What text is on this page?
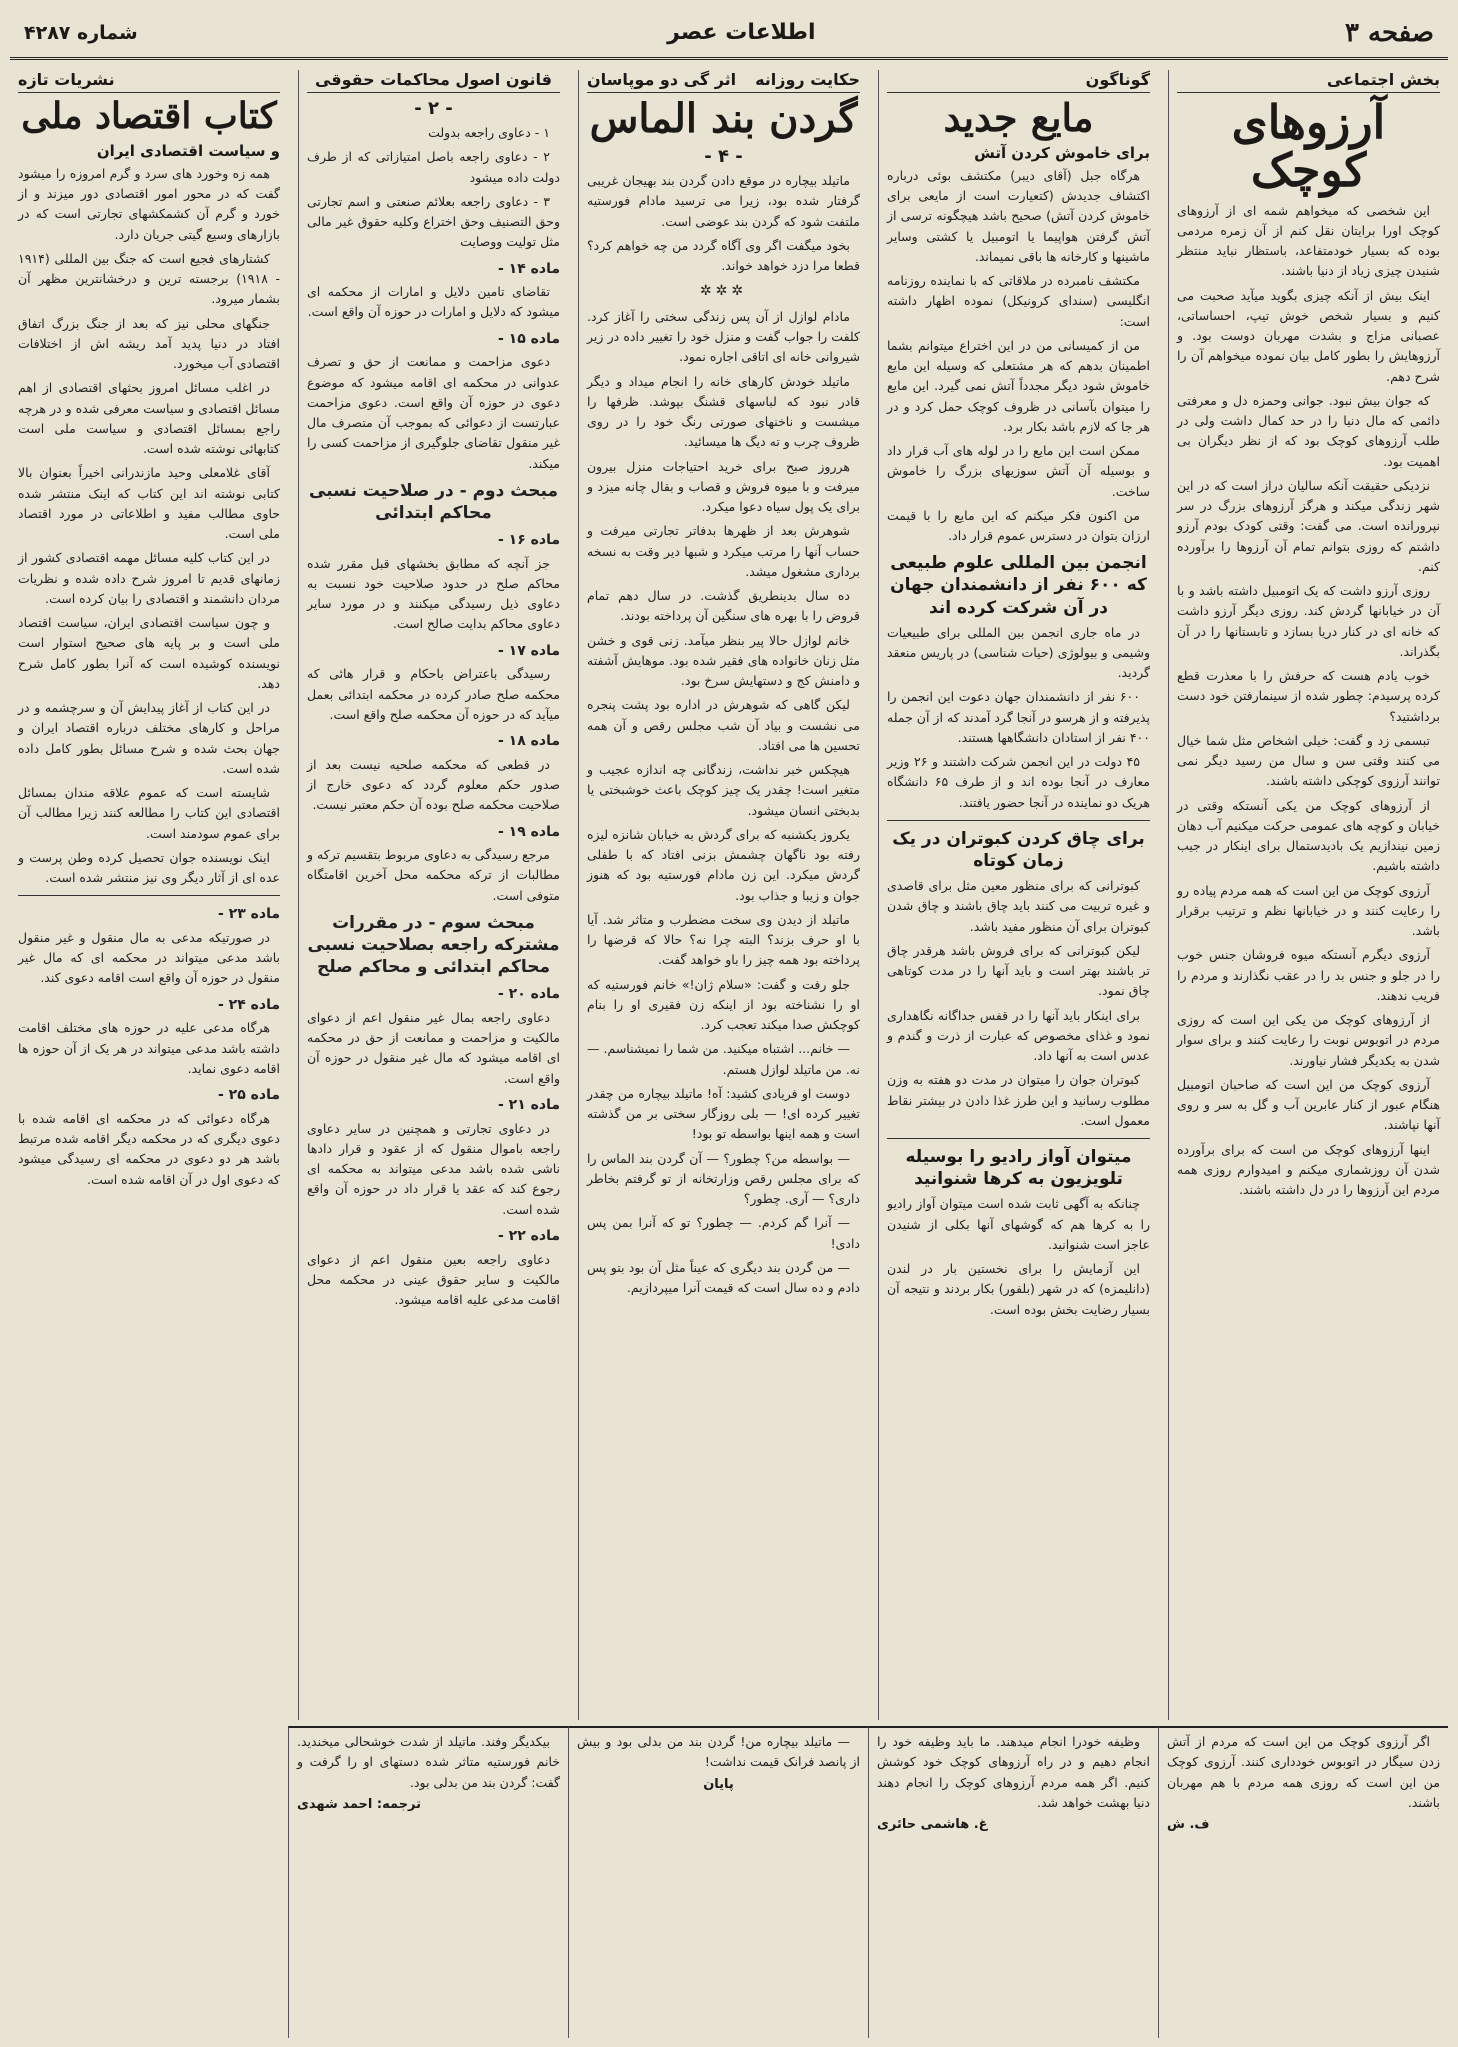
صفحه ۳
اطلاعات عصر
شماره ۴۲۸۷
بخش اجتماعی
آرزوهای کوچک

این شخصی که میخواهم شمه ای از آرزوهای کوچک اورا برایتان نقل کنم از آن زمره مردمی بوده که بسیار خودمتفاعد، باستظار نباید منتظر شنیدن چیزی زیاد از دنیا باشند.

اینک بیش از آنکه چیزی بگوید میآید صحبت می کنیم و بسیار شخص خوش تیپ، احساساتی، عصبانی مزاج و بشدت مهربان دوست بود. و آرزوهایش را بطور کامل بیان نموده میخواهم آن را شرح دهم.

که جوان بیش نبود. جوانی وحمزه دل و معرفتی دائمی که مال دنیا را در حد کمال داشت ولی در طلب آرزوهای کوچک بود که از نظر دیگران بی اهمیت بود.

نزدیکی حقیقت آنکه سالیان دراز است که در این شهر زندگی میکند و هرگز آرزوهای بزرگ در سر نپرورانده است. می گفت: وقتی کودک بودم آرزو داشتم که روزی بتوانم تمام آن آرزوها را برآورده کنم.

روزی آرزو داشت که یک اتومبیل داشته باشد و با آن در خیابانها گردش کند. روزی دیگر آرزو داشت که خانه ای در کنار دریا بسازد و تابستانها را در آن بگذراند.

خوب یادم هست که حرفش را با معذرت قطع کرده پرسیدم: چطور شده از سینمارفتن خود دست برداشتید؟

تبسمی زد و گفت: خیلی اشخاص مثل شما خیال می کنند وقتی سن و سال من رسید دیگر نمی توانند آرزوی کوچکی داشته باشند.

از آرزوهای کوچک من یکی آنستکه وقتی در خیابان و کوچه های عمومی حرکت میکنیم آب دهان زمین نیندازیم یک بادیدستمال برای اینکار در جیب داشته باشیم.

آرزوی کوچک من این است که همه مردم پیاده رو را رعایت کنند و در خیابانها نظم و ترتیب برقرار باشد.

آرزوی دیگرم آنستکه میوه فروشان جنس خوب را در جلو و جنس بد را در عقب نگذارند و مردم را فریب ندهند.

از آرزوهای کوچک من یکی این است که روزی مردم در اتوبوس نوبت را رعایت کنند و برای سوار شدن به یکدیگر فشار نیاورند.

آرزوی کوچک من این است که صاحبان اتومبیل هنگام عبور از کنار عابرین آب و گل به سر و روی آنها نپاشند.

اینها آرزوهای کوچک من است که برای برآورده شدن آن روزشماری میکنم و امیدوارم روزی همه مردم این آرزوها را در دل داشته باشند.

گوناگون
مایع جدید
برای خاموش کردن آتش

هرگاه جبل (آقای دیبر) مکتشف بوئی درباره اکتشاف جدیدش (کتعیارت است از مایعی برای خاموش کردن آتش) صحیح باشد هیچگونه ترسی از آتش گرفتن هواپیما یا اتومبیل یا کشتی وسایر ماشینها و کارخانه ها باقی نمیماند.

مکتشف نامبرده در ملاقاتی که با نماینده روزنامه انگلیسی (سندای کرونیکل) نموده اظهار داشته است:

من از کمیسانی من در این اختراع میتوانم بشما اطمینان بدهم که هر مشتعلی که وسیله این مایع خاموش شود دیگر مجدداً آتش نمی گیرد. این مایع را میتوان بآسانی در ظروف کوچک حمل کرد و در هر جا که لازم باشد بکار برد.

ممکن است این مایع را در لوله های آب قرار داد و بوسیله آن آتش سوزیهای بزرگ را خاموش ساخت.

من اکنون فکر میکنم که این مایع را با قیمت ارزان بتوان در دسترس عموم قرار داد.

انجمن بین المللی علوم طبیعی که ۶۰۰ نفر از دانشمندان جهان در آن شرکت کرده اند

در ماه جاری انجمن بین المللی برای طبیعیات وشیمی و بیولوژی (حیات شناسی) در پاریس منعقد گردید.

۶۰۰ نفر از دانشمندان جهان دعوت این انجمن را پذیرفته و از هرسو در آنجا گرد آمدند که از آن جمله ۴۰۰ نفر از استادان دانشگاهها هستند.

۴۵ دولت در این انجمن شرکت داشتند و ۲۶ وزیر معارف در آنجا بوده اند و از طرف ۶۵ دانشگاه هریک دو نماینده در آنجا حضور یافتند.

برای چاق کردن کبوتران در یک زمان کوتاه

کبوترانی که برای منظور معین مثل برای قاصدی و غیره تربیت می کنند باید چاق باشند و چاق شدن کبوتران برای آن منظور مفید باشد.

لیکن کبوترانی که برای فروش باشد هرقدر چاق تر باشند بهتر است و باید آنها را در مدت کوتاهی چاق نمود.

برای اینکار باید آنها را در قفس جداگانه نگاهداری نمود و غذای مخصوص که عبارت از ذرت و گندم و عدس است به آنها داد.

کبوتران جوان را میتوان در مدت دو هفته به وزن مطلوب رسانید و این طرز غذا دادن در بیشتر نقاط معمول است.

میتوان آواز رادیو را بوسیله تلویزیون به کرها شنوانید

چنانکه به آگهی ثابت شده است میتوان آواز رادیو را به کرها هم که گوشهای آنها بکلی از شنیدن عاجز است شنوانید.

این آزمایش را برای نخستین بار در لندن (دانلیمزه) که در شهر (بلفور) بکار بردند و نتیجه آن بسیار رضایت بخش بوده است.

حکایت روزانه
اثر گی دو موپاسان
گردن بند الماس
- ۴ -

ماتیلد بیچاره در موقع دادن گردن بند بهیجان غریبی گرفتار شده بود، زیرا می ترسید مادام فورستیه ملتفت شود که گردن بند عوضی است.

بخود میگفت اگر وی آگاه گردد من چه خواهم کرد؟ قطعا مرا دزد خواهد خواند.

✲✲✲

مادام لوازل از آن پس زندگی سختی را آغاز کرد. کلفت را جواب گفت و منزل خود را تغییر داده در زیر شیروانی خانه ای اتاقی اجاره نمود.

ماتیلد خودش کارهای خانه را انجام میداد و دیگر قادر نبود که لباسهای قشنگ بپوشد. ظرفها را میشست و ناخنهای صورتی رنگ خود را در روی ظروف چرب و ته دیگ ها میسائید.

هرروز صبح برای خرید احتیاجات منزل بیرون میرفت و با میوه فروش و قصاب و بقال چانه میزد و برای یک پول سیاه دعوا میکرد.

شوهرش بعد از ظهرها بدفاتر تجارتی میرفت و حساب آنها را مرتب میکرد و شبها دیر وقت به نسخه برداری مشغول میشد.

ده سال بدینطریق گذشت. در سال دهم تمام قروض را با بهره های سنگین آن پرداخته بودند.

خانم لوازل حالا پیر بنظر میآمد. زنی قوی و خشن مثل زنان خانواده های فقیر شده بود. موهایش آشفته و دامنش کج و دستهایش سرخ بود.

لیکن گاهی که شوهرش در اداره بود پشت پنجره می نشست و بیاد آن شب مجلس رقص و آن همه تحسین ها می افتاد.

هیچکس خبر نداشت، زندگانی چه اندازه عجیب و متغیر است! چقدر یک چیز کوچک باعث خوشبختی یا بدبختی انسان میشود.

یکروز یکشنبه که برای گردش به خیابان شانزه لیزه رفته بود ناگهان چشمش بزنی افتاد که با طفلی گردش میکرد. این زن مادام فورستیه بود که هنوز جوان و زیبا و جذاب بود.

ماتیلد از دیدن وی سخت مضطرب و متاثر شد. آیا با او حرف بزند؟ البته چرا نه؟ حالا که قرضها را پرداخته بود همه چیز را باو خواهد گفت.

جلو رفت و گفت: «سلام ژان!» خانم فورستیه که او را نشناخته بود از اینکه زن فقیری او را بنام کوچکش صدا میکند تعجب کرد.

— خانم... اشتباه میکنید. من شما را نمیشناسم. — نه. من ماتیلد لوازل هستم.

دوست او فریادی کشید: آه! ماتیلد بیچاره من چقدر تغییر کرده ای! — بلی روزگار سختی بر من گذشته است و همه اینها بواسطه تو بود!

— بواسطه من؟ چطور؟ — آن گردن بند الماس را که برای مجلس رقص وزارتخانه از تو گرفتم بخاطر داری؟ — آری. چطور؟

— آنرا گم کردم. — چطور؟ تو که آنرا بمن پس دادی!

— من گردن بند دیگری که عیناً مثل آن بود بتو پس دادم و ده سال است که قیمت آنرا میپردازیم.

قانون اصول محاکمات حقوقی
- ۲ -

۱ - دعاوی راجعه بدولت

۲ - دعاوی راجعه باصل امتیازاتی که از طرف دولت داده میشود

۳ - دعاوی راجعه بعلائم صنعتی و اسم تجارتی وحق التصنیف وحق اختراع وکلیه حقوق غیر مالی مثل تولیت ووصایت

ماده ۱۴ -

تقاضای تامین دلایل و امارات از محکمه ای میشود که دلایل و امارات در حوزه آن واقع است.

ماده ۱۵ -

دعوی مزاحمت و ممانعت از حق و تصرف عدوانی در محکمه ای اقامه میشود که موضوع دعوی در حوزه آن واقع است. دعوی مزاحمت عبارتست از دعوائی که بموجب آن متصرف مال غیر منقول تقاضای جلوگیری از مزاحمت کسی را میکند.

مبحث دوم - در صلاحیت نسبی محاکم ابتدائی
ماده ۱۶ -

جز آنچه که مطابق بخشهای قبل مقرر شده محاکم صلح در حدود صلاحیت خود نسبت به دعاوی ذیل رسیدگی میکنند و در مورد سایر دعاوی محاکم بدایت صالح است.

ماده ۱۷ -

رسیدگی باعتراض باحکام و قرار هائی که محکمه صلح صادر کرده در محکمه ابتدائی بعمل میآید که در حوزه آن محکمه صلح واقع است.

ماده ۱۸ -

در قطعی که محکمه صلحیه نیست بعد از صدور حکم معلوم گردد که دعوی خارج از صلاحیت محکمه صلح بوده آن حکم معتبر نیست.

ماده ۱۹ -

مرجع رسیدگی به دعاوی مربوط بتقسیم ترکه و مطالبات از ترکه محکمه محل آخرین اقامتگاه متوفی است.

مبحث سوم - در مقررات مشترکه راجعه بصلاحیت نسبی محاکم ابتدائی و محاکم صلح
ماده ۲۰ -

دعاوی راجعه بمال غیر منقول اعم از دعوای مالکیت و مزاحمت و ممانعت از حق در محکمه ای اقامه میشود که مال غیر منقول در حوزه آن واقع است.

ماده ۲۱ -

در دعاوی تجارتی و همچنین در سایر دعاوی راجعه باموال منقول که از عقود و قرار دادها ناشی شده باشد مدعی میتواند به محکمه ای رجوع کند که عقد یا قرار داد در حوزه آن واقع شده است.

ماده ۲۲ -

دعاوی راجعه بعین منقول اعم از دعوای مالکیت و سایر حقوق عینی در محکمه محل اقامت مدعی علیه اقامه میشود.

نشریات تازه
کتاب اقتصاد ملی
و سیاست اقتصادی ایران

همه زه وخورد های سرد و گرم امروزه را میشود گفت که در محور امور اقتصادی دور میزند و از خورد و گرم آن کشمکشهای تجارتی است که در بازارهای وسیع گیتی جریان دارد.

کشتارهای فجیع است که جنگ بین المللی (۱۹۱۴ - ۱۹۱۸) برجسته ترین و درخشانترین مظهر آن بشمار میرود.

جنگهای محلی نیز که بعد از جنگ بزرگ اتفاق افتاد در دنیا پدید آمد ریشه اش از اختلافات اقتصادی آب میخورد.

در اغلب مسائل امروز بحثهای اقتصادی از اهم مسائل اقتصادی و سیاست معرفی شده و در هرچه راجع بمسائل اقتصادی و سیاست ملی است کتابهائی نوشته شده است.

آقای غلامعلی وحید مازندرانی اخیراً بعنوان بالا کتابی نوشته اند این کتاب که اینک منتشر شده حاوی مطالب مفید و اطلاعاتی در مورد اقتصاد ملی است.

در این کتاب کلیه مسائل مهمه اقتصادی کشور از زمانهای قدیم تا امروز شرح داده شده و نظریات مردان دانشمند و اقتصادی را بیان کرده است.

و چون سیاست اقتصادی ایران، سیاست اقتصاد ملی است و بر پایه های صحیح استوار است نویسنده کوشیده است که آنرا بطور کامل شرح دهد.

در این کتاب از آغاز پیدایش آن و سرچشمه و در مراحل و کارهای مختلف درباره اقتصاد ایران و جهان بحث شده و شرح مسائل بطور کامل داده شده است.

شایسته است که عموم علاقه مندان بمسائل اقتصادی این کتاب را مطالعه کنند زیرا مطالب آن برای عموم سودمند است.

اینک نویسنده جوان تحصیل کرده وطن پرست و عده ای از آثار دیگر وی نیز منتشر شده است.

ماده ۲۳ -

در صورتیکه مدعی به مال منقول و غیر منقول باشد مدعی میتواند در محکمه ای که مال غیر منقول در حوزه آن واقع است اقامه دعوی کند.

ماده ۲۴ -

هرگاه مدعی علیه در حوزه های مختلف اقامت داشته باشد مدعی میتواند در هر یک از آن حوزه ها اقامه دعوی نماید.

ماده ۲۵ -

هرگاه دعوائی که در محکمه ای اقامه شده با دعوی دیگری که در محکمه دیگر اقامه شده مرتبط باشد هر دو دعوی در محکمه ای رسیدگی میشود که دعوی اول در آن اقامه شده است.

اگر آرزوی کوچک من این است که مردم از آتش زدن سیگار در اتوبوس خودداری کنند. آرزوی کوچک من این است که روزی همه مردم با هم مهربان باشند.

ف. ش

وظیفه خودرا انجام میدهند. ما باید وظیفه خود را انجام دهیم و در راه آرزوهای کوچک خود کوشش کنیم. اگر همه مردم آرزوهای کوچک را انجام دهند دنیا بهشت خواهد شد.

غ. هاشمی حائری

— ماتیلد بیچاره من! گردن بند من بدلی بود و بیش از پانصد فرانک قیمت نداشت!

پایان

بیکدیگر وفند. ماتیلد از شدت خوشحالی میخندید. خانم فورستیه متاثر شده دستهای او را گرفت و گفت: گردن بند من بدلی بود.

ترجمه: احمد شهدی
